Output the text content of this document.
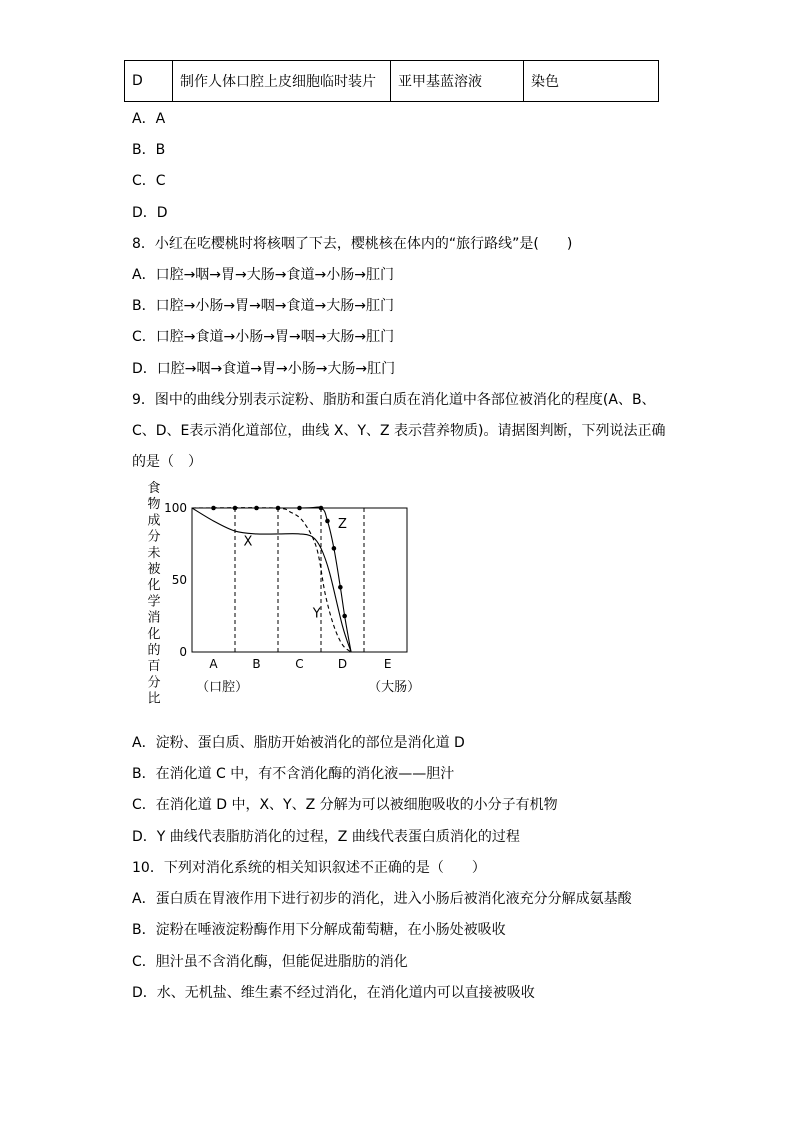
D	制作人体口腔上皮细胞临时装片	亚甲基蓝溶液	染色
A．A
B．B
C．C
D．D
8．小红在吃樱桃时将核咽了下去，樱桃核在体内的“旅行路线”是(　　)
A．口腔→咽→胃→大肠→食道→小肠→肛门
B．口腔→小肠→胃→咽→食道→大肠→肛门
C．口腔→食道→小肠→胃→咽→大肠→肛门
D．口腔→咽→食道→胃→小肠→大肠→肛门
9．图中的曲线分别表示淀粉、脂肪和蛋白质在消化道中各部位被消化的程度(A、B、
C、D、E表示消化道部位，曲线 X、Y、Z 表示营养物质)。请据图判断，下列说法正确
的是（　）
食
物
成
分
未
被
化
学
消
化
的
百
分
比
0
50
100
X
Y
Z
A	B	C	D	E
（口腔）	（大肠）
A．淀粉、蛋白质、脂肪开始被消化的部位是消化道 D
B．在消化道 C 中，有不含消化酶的消化液——胆汁
C．在消化道 D 中，X、Y、Z 分解为可以被细胞吸收的小分子有机物
D．Y 曲线代表脂肪消化的过程，Z 曲线代表蛋白质消化的过程
10．下列对消化系统的相关知识叙述不正确的是（　　）
A．蛋白质在胃液作用下进行初步的消化，进入小肠后被消化液充分分解成氨基酸
B．淀粉在唾液淀粉酶作用下分解成葡萄糖，在小肠处被吸收
C．胆汁虽不含消化酶，但能促进脂肪的消化
D．水、无机盐、维生素不经过消化，在消化道内可以直接被吸收
